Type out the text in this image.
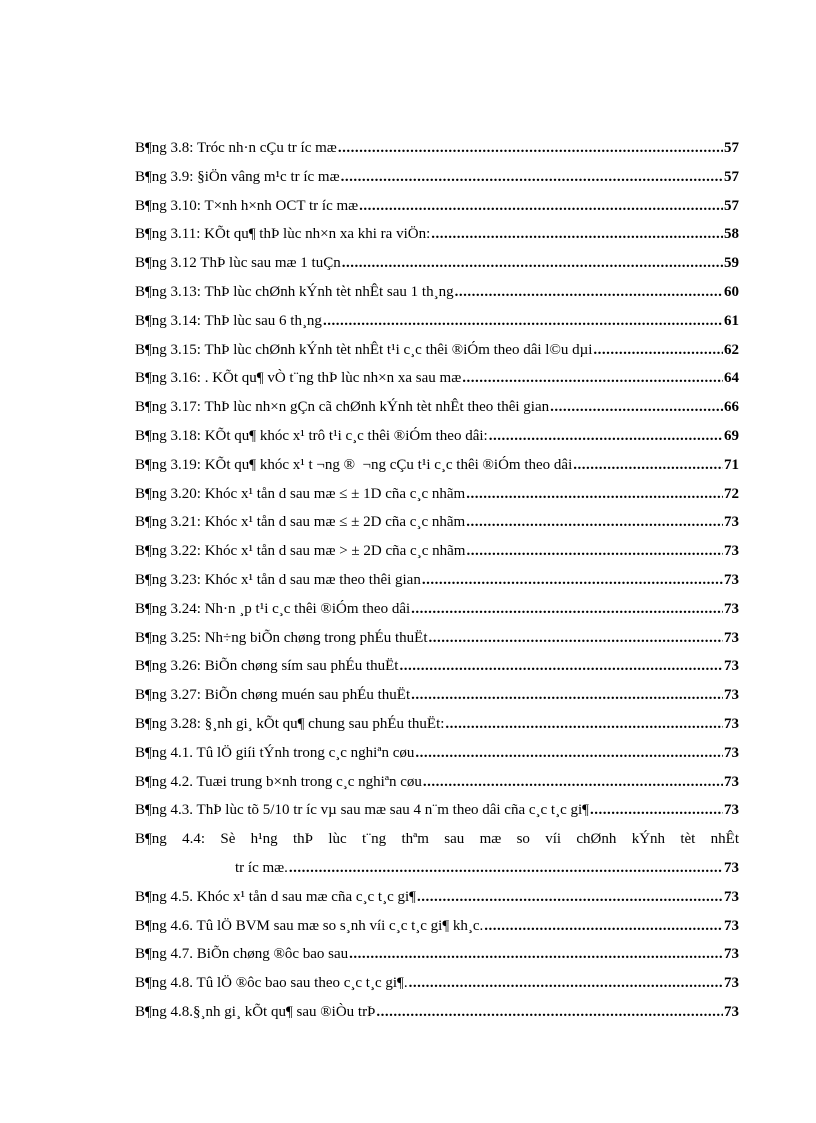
B¶ng 3.8: Tróc nh·n cÇu tr íc mæ .....	57
B¶ng 3.9: §iÖn vâng m¹c tr íc mæ .....	57
B¶ng 3.10: T×nh h×nh OCT tr íc mæ .....	57
B¶ng 3.11: KÕt qu¶ thÞ lùc nh×n xa khi ra viÖn: .....	58
B¶ng 3.12 ThÞ lùc sau mæ 1 tuÇn .....	59
B¶ng 3.13: ThÞ lùc chØnh kÝnh tèt nhÊt sau 1 th¸ng .....	60
B¶ng 3.14: ThÞ lùc sau 6 th¸ng .....	61
B¶ng 3.15: ThÞ lùc chØnh kÝnh tèt nhÊt t¹i c¸c thêi ®iÓm theo dâi l©u dµi .....	62
B¶ng 3.16: . KÕt qu¶ vÒ t¨ng thÞ lùc nh×n xa sau mæ .....	64
B¶ng 3.17: ThÞ lùc nh×n gÇn cã chØnh kÝnh tèt nhÊt theo thêi gian .....	66
B¶ng 3.18: KÕt qu¶ khóc x¹ trô t¹i c¸c thêi ®iÓm theo dâi: .....	69
B¶ng 3.19: KÕt qu¶ khóc x¹ t ¬ng ® ¬ng cÇu t¹i c¸c thêi ®iÓm theo dâi .....	71
B¶ng 3.20: Khóc x¹ tån d sau mæ ≤ ± 1D cña c¸c nhãm .....	72
B¶ng 3.21: Khóc x¹ tån d sau mæ ≤ ± 2D cña c¸c nhãm .....	73
B¶ng 3.22: Khóc x¹ tån d sau mæ > ± 2D cña c¸c nhãm .....	73
B¶ng 3.23: Khóc x¹ tån d sau mæ theo thêi gian .....	73
B¶ng 3.24: Nh·n ¸p t¹i c¸c thêi ®iÓm theo dâi .....	73
B¶ng 3.25: Nh÷ng biÕn chøng trong phÉu thuËt .....	73
B¶ng 3.26: BiÕn chøng sím sau phÉu thuËt .....	73
B¶ng 3.27: BiÕn chøng muén sau phÉu thuËt .....	73
B¶ng 3.28: §¸nh gi¸ kÕt qu¶ chung sau phÉu thuËt: .....	73
B¶ng 4.1. Tû lÖ giíi tÝnh trong c¸c nghiªn cøu .....	73
B¶ng 4.2. Tuæi trung b×nh trong c¸c nghiªn cøu .....	73
B¶ng 4.3. ThÞ lùc tõ 5/10 tr íc vµ sau mæ sau 4 n¨m theo dâi cña c¸c t¸c gi¶ .....	73
B¶ng 4.4: Sè h¹ng thÞ lùc t¨ng thªm sau mæ so víi chØnh kÝnh tèt nhÊt
tr íc mæ. .....	73
B¶ng 4.5. Khóc x¹ tån d sau mæ cña c¸c t¸c gi¶ .....	73
B¶ng 4.6. Tû lÖ BVM sau mæ so s¸nh víi c¸c t¸c gi¶ kh¸c. .....	73
B¶ng 4.7. BiÕn chøng ®ôc bao sau .....	73
B¶ng 4.8. Tû lÖ ®ôc bao sau theo c¸c t¸c gi¶. .....	73
B¶ng 4.8.§¸nh gi¸ kÕt qu¶ sau ®iÒu trÞ .....	73
